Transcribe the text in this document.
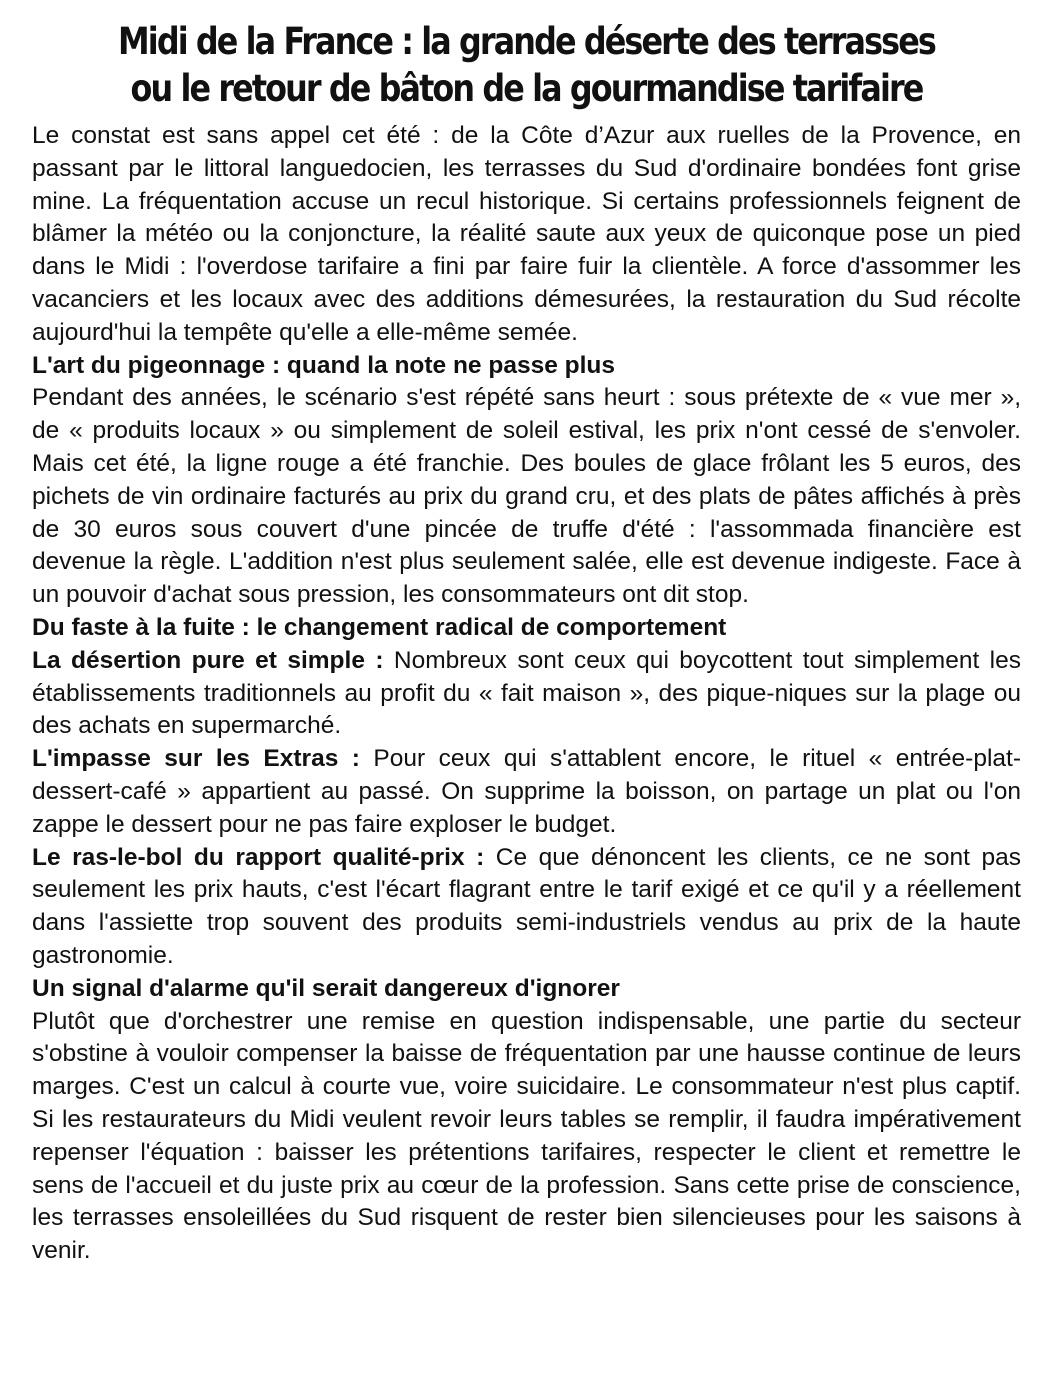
Midi de la France : la grande déserte des terrasses
ou le retour de bâton de la gourmandise tarifaire

Le constat est sans appel cet été : de la Côte d’Azur aux ruelles de la Provence, en passant par le littoral languedocien, les terrasses du Sud d'ordinaire bondées font grise mine. La fréquentation accuse un recul historique. Si certains professionnels feignent de blâmer la météo ou la conjoncture, la réalité saute aux yeux de quiconque pose un pied dans le Midi : l'overdose tarifaire a fini par faire fuir la clientèle. A force d'assommer les vacanciers et les locaux avec des additions démesurées, la restauration du Sud récolte aujourd'hui la tempête qu'elle a elle-même semée.

L'art du pigeonnage : quand la note ne passe plus

Pendant des années, le scénario s'est répété sans heurt : sous prétexte de « vue mer », de « produits locaux » ou simplement de soleil estival, les prix n'ont cessé de s'envoler. Mais cet été, la ligne rouge a été franchie. Des boules de glace frôlant les 5 euros, des pichets de vin ordinaire facturés au prix du grand cru, et des plats de pâtes affichés à près de 30 euros sous couvert d'une pincée de truffe d'été : l'assommada financière est devenue la règle. L'addition n'est plus seulement salée, elle est devenue indigeste. Face à un pouvoir d'achat sous pression, les consommateurs ont dit stop.

Du faste à la fuite : le changement radical de comportement

La désertion pure et simple : Nombreux sont ceux qui boycottent tout simplement les établissements traditionnels au profit du « fait maison », des pique-niques sur la plage ou des achats en supermarché.

L'impasse sur les Extras : Pour ceux qui s'attablent encore, le rituel « entrée-plat-dessert-café » appartient au passé. On supprime la boisson, on partage un plat ou l'on zappe le dessert pour ne pas faire exploser le budget.

Le ras-le-bol du rapport qualité-prix : Ce que dénoncent les clients, ce ne sont pas seulement les prix hauts, c'est l'écart flagrant entre le tarif exigé et ce qu'il y a réellement dans l'assiette trop souvent des produits semi-industriels vendus au prix de la haute gastronomie.

Un signal d'alarme qu'il serait dangereux d'ignorer

Plutôt que d'orchestrer une remise en question indispensable, une partie du secteur s'obstine à vouloir compenser la baisse de fréquentation par une hausse continue de leurs marges. C'est un calcul à courte vue, voire suicidaire. Le consommateur n'est plus captif. Si les restaurateurs du Midi veulent revoir leurs tables se remplir, il faudra impérativement repenser l'équation : baisser les prétentions tarifaires, respecter le client et remettre le sens de l'accueil et du juste prix au cœur de la profession. Sans cette prise de conscience, les terrasses ensoleillées du Sud risquent de rester bien silencieuses pour les saisons à venir.
